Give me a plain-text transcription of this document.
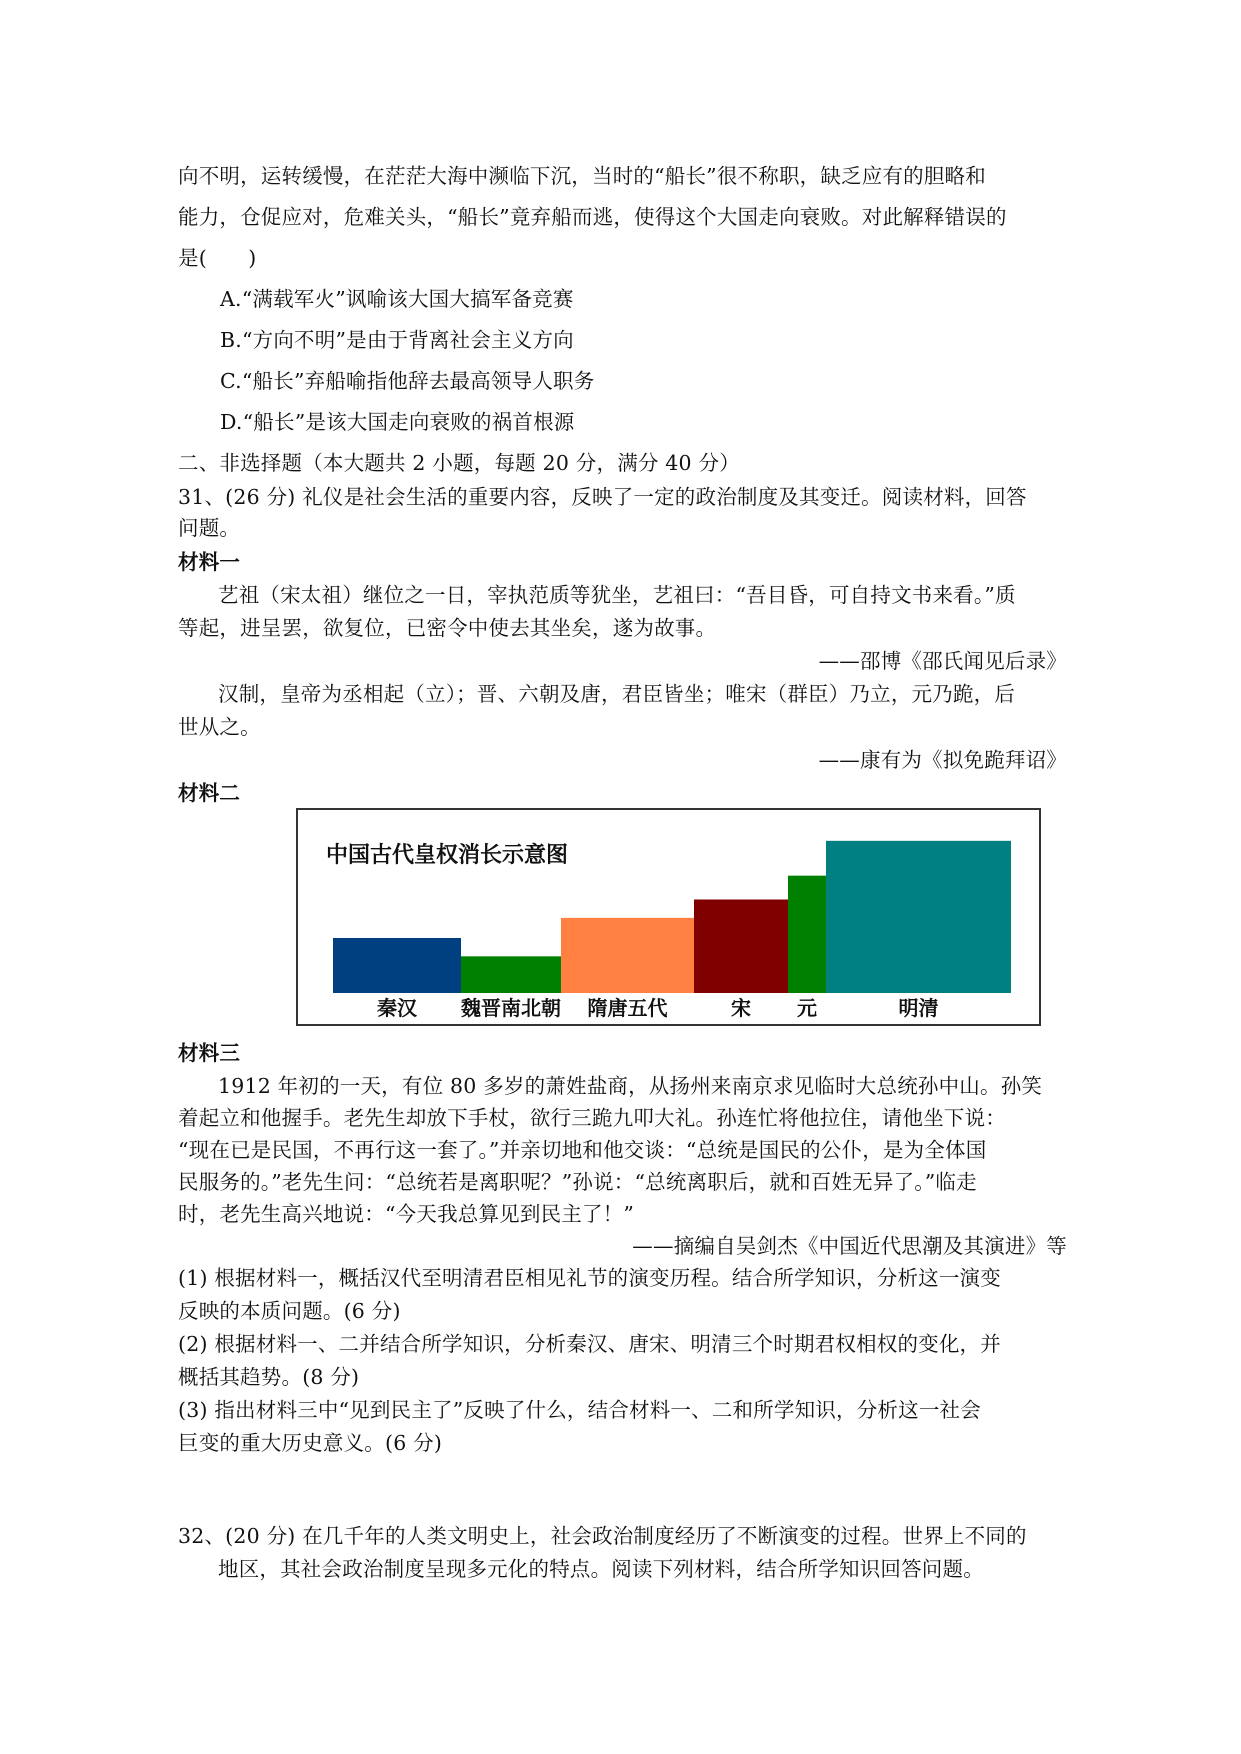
向不明，运转缓慢，在茫茫大海中濒临下沉，当时的“船长”很不称职，缺乏应有的胆略和
能力，仓促应对，危难关头，“船长”竟弃船而逃，使得这个大国走向衰败。对此解释错误的
是(　　)
A.“满载军火”讽喻该大国大搞军备竞赛
B.“方向不明”是由于背离社会主义方向
C.“船长”弃船喻指他辞去最高领导人职务
D.“船长”是该大国走向衰败的祸首根源
二、非选择题（本大题共 2 小题，每题 20 分，满分 40 分）
31、(26 分) 礼仪是社会生活的重要内容，反映了一定的政治制度及其变迁。阅读材料，回答
问题。
材料一
艺祖（宋太祖）继位之一日，宰执范质等犹坐，艺祖曰：“吾目昏，可自持文书来看。”质
等起，进呈罢，欲复位，已密令中使去其坐矣，遂为故事。
——邵博《邵氏闻见后录》
汉制，皇帝为丞相起（立）；晋、六朝及唐，君臣皆坐；唯宋（群臣）乃立，元乃跪，后
世从之。
——康有为《拟免跪拜诏》
材料二
中国古代皇权消长示意图
秦汉 魏晋南北朝 隋唐五代	宋 元	明清
材料三
1912 年初的一天，有位 80 多岁的萧姓盐商，从扬州来南京求见临时大总统孙中山。孙笑
着起立和他握手。老先生却放下手杖，欲行三跪九叩大礼。孙连忙将他拉住，请他坐下说：
“现在已是民国，不再行这一套了。”并亲切地和他交谈：“总统是国民的公仆，是为全体国
民服务的。”老先生问：“总统若是离职呢？”孙说：“总统离职后，就和百姓无异了。”临走
时，老先生高兴地说：“今天我总算见到民主了！”
——摘编自吴剑杰《中国近代思潮及其演进》等
(1) 根据材料一，概括汉代至明清君臣相见礼节的演变历程。结合所学知识，分析这一演变
反映的本质问题。(6 分)
(2) 根据材料一、二并结合所学知识，分析秦汉、唐宋、明清三个时期君权相权的变化，并
概括其趋势。(8 分)
(3) 指出材料三中“见到民主了”反映了什么，结合材料一、二和所学知识，分析这一社会
巨变的重大历史意义。(6 分)
32、(20 分) 在几千年的人类文明史上，社会政治制度经历了不断演变的过程。世界上不同的
地区，其社会政治制度呈现多元化的特点。阅读下列材料，结合所学知识回答问题。
